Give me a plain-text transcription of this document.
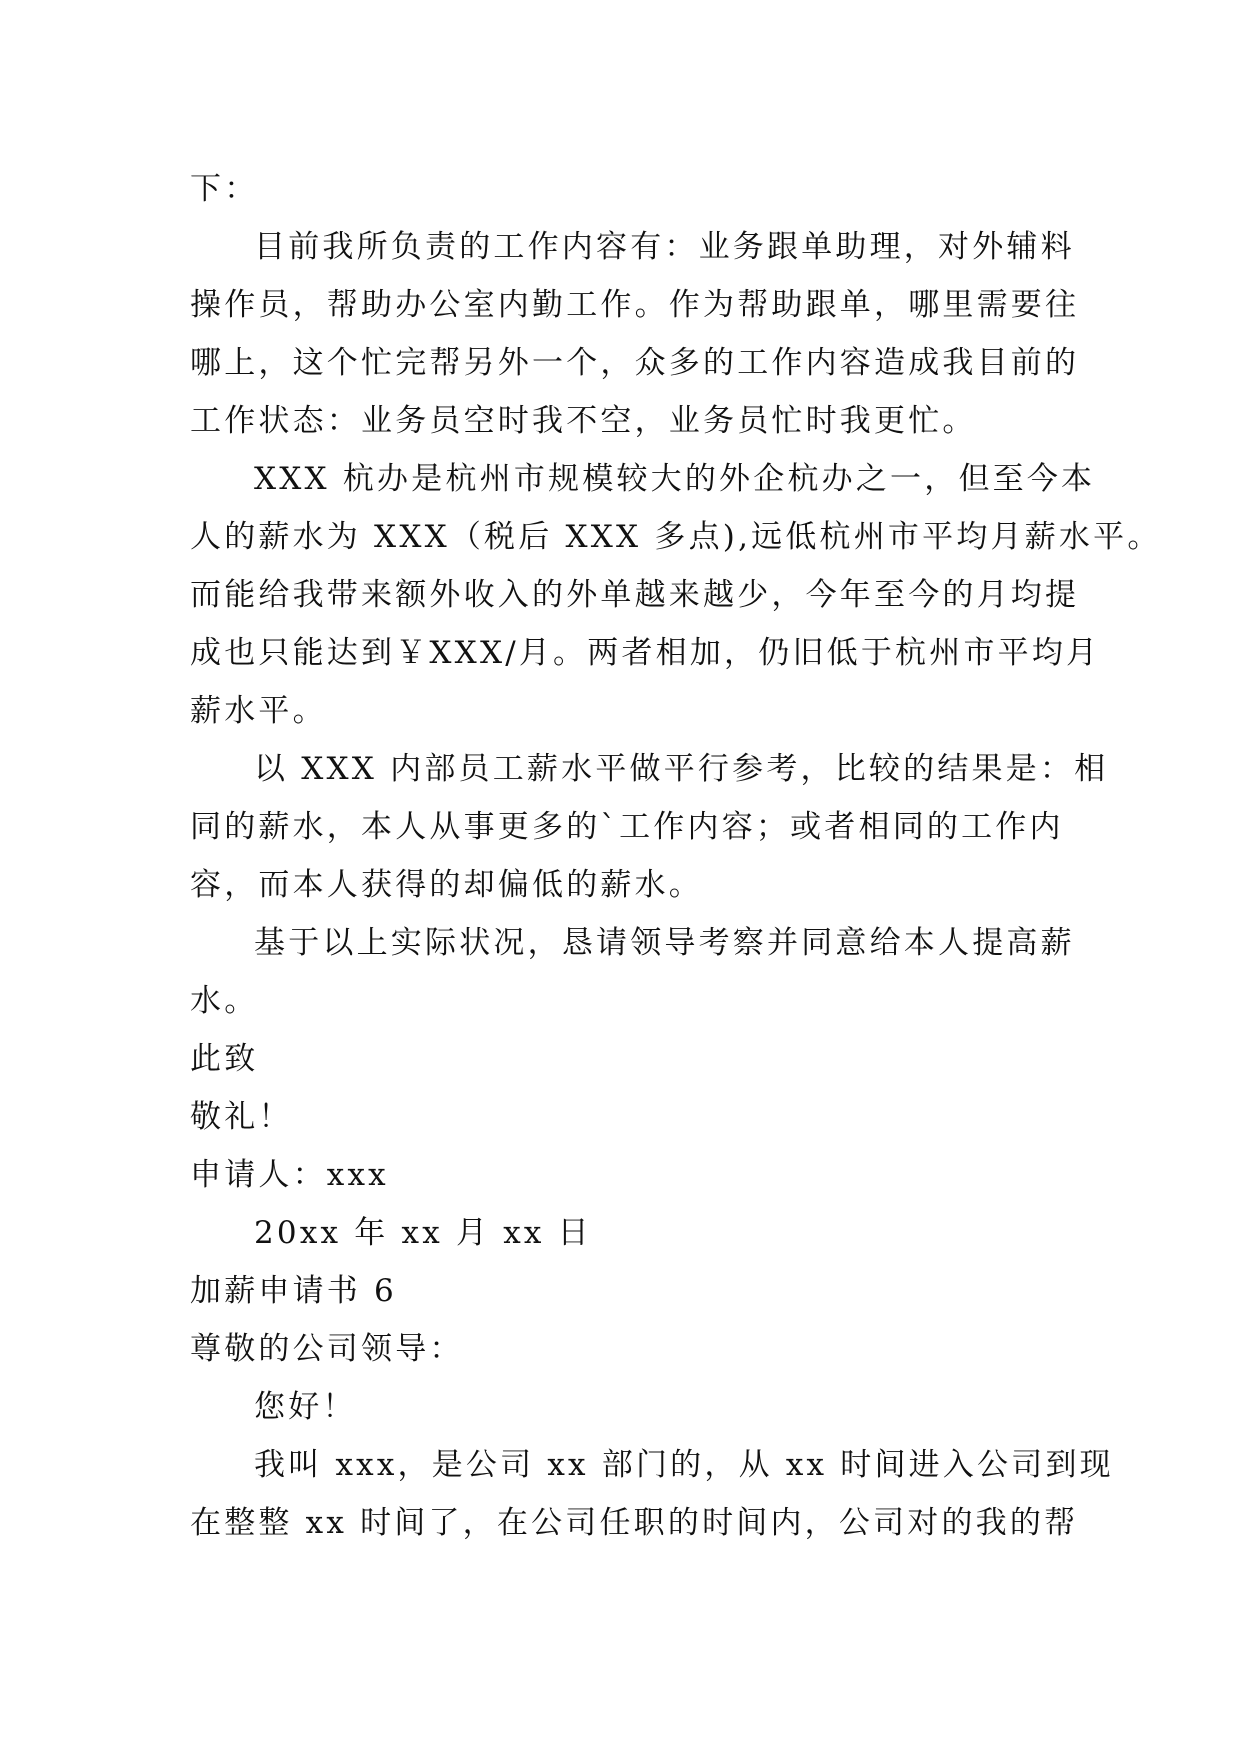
下：
目前我所负责的工作内容有：业务跟单助理，对外辅料
操作员，帮助办公室内勤工作。作为帮助跟单，哪里需要往
哪上，这个忙完帮另外一个，众多的工作内容造成我目前的
工作状态：业务员空时我不空，业务员忙时我更忙。
XXX 杭办是杭州市规模较大的外企杭办之一，但至今本
人的薪水为 XXX（税后 XXX 多点),远低杭州市平均月薪水平。
而能给我带来额外收入的外单越来越少，今年至今的月均提
成也只能达到￥XXX/月。两者相加，仍旧低于杭州市平均月
薪水平。
以 XXX 内部员工薪水平做平行参考，比较的结果是：相
同的薪水，本人从事更多的`工作内容；或者相同的工作内
容，而本人获得的却偏低的薪水。
基于以上实际状况，恳请领导考察并同意给本人提高薪
水。
此致
敬礼！
申请人：xxx
20xx 年 xx 月 xx 日
加薪申请书 6
尊敬的公司领导：
您好！
我叫 xxx，是公司 xx 部门的，从 xx 时间进入公司到现
在整整 xx 时间了，在公司任职的时间内，公司对的我的帮
